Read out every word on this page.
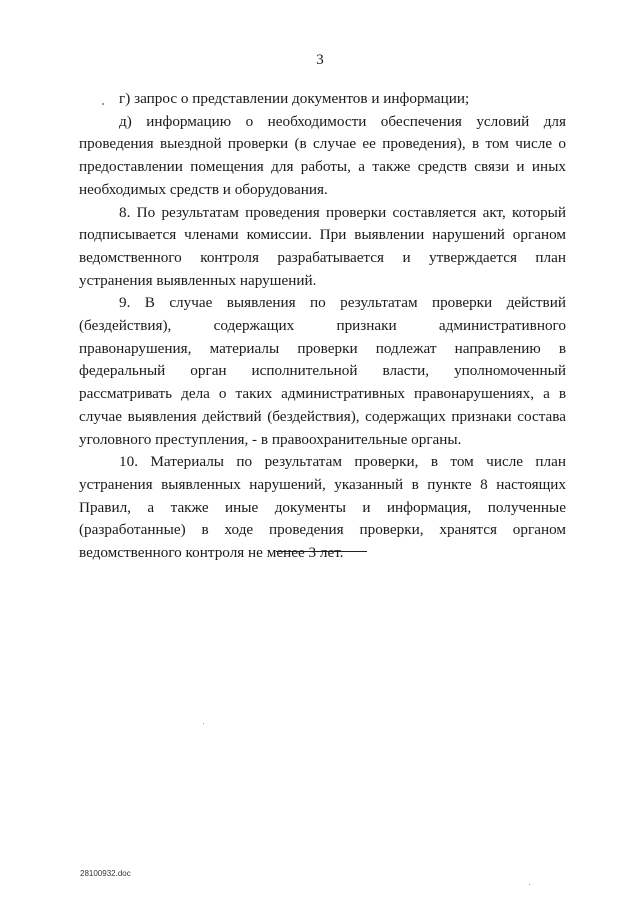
3

г) запрос о представлении документов и информации;

д) информацию о необходимости обеспечения условий для проведения выездной проверки (в случае ее проведения), в том числе о предоставлении помещения для работы, а также средств связи и иных необходимых средств и оборудования.

8. По результатам проведения проверки составляется акт, который подписывается членами комиссии. При выявлении нарушений органом ведомственного контроля разрабатывается и утверждается план устранения выявленных нарушений.

9. В случае выявления по результатам проверки действий (бездействия), содержащих признаки административного правонарушения, материалы проверки подлежат направлению в федеральный орган исполнительной власти, уполномоченный рассматривать дела о таких административных правонарушениях, а в случае выявления действий (бездействия), содержащих признаки состава уголовного преступления, - в правоохранительные органы.

10. Материалы по результатам проверки, в том числе план устранения выявленных нарушений, указанный в пункте 8 настоящих Правил, а также иные документы и информация, полученные (разработанные) в ходе проведения проверки, хранятся органом ведомственного контроля не менее 3 лет.

28100932.doc
